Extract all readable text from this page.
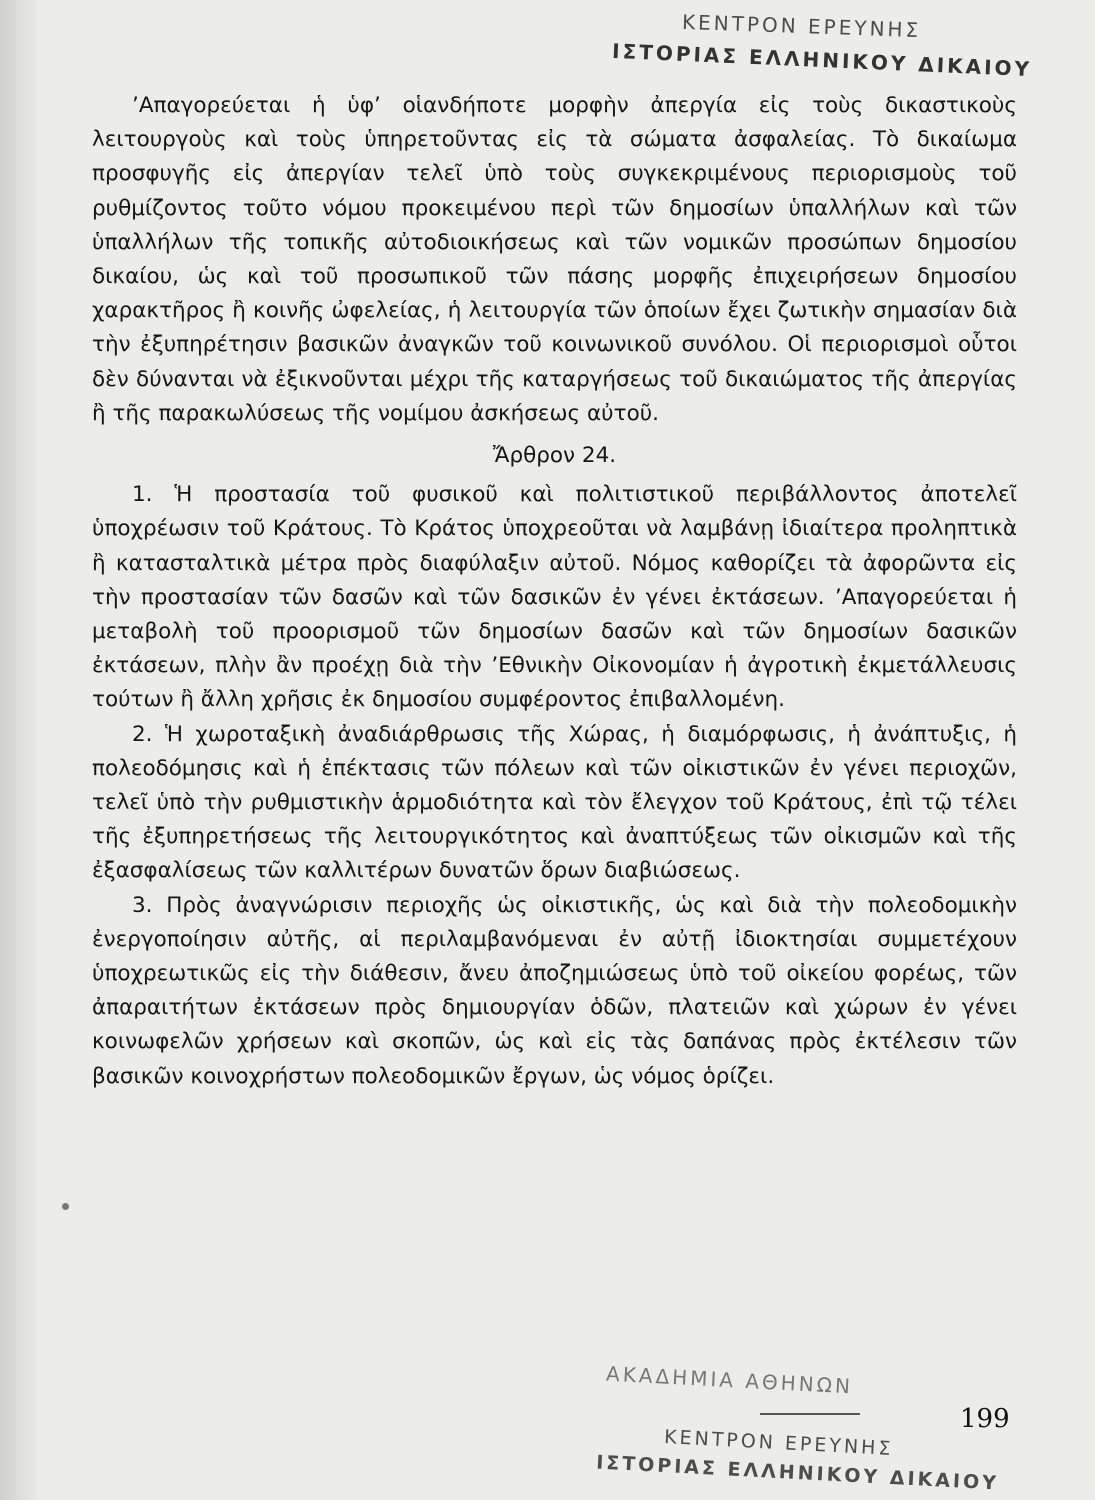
ΚΕΝΤΡΟΝ ΕΡΕΥΝΗΣ
ΙΣΤΟΡΙΑΣ ΕΛΛΗΝΙΚΟΥ ΔΙΚΑΙΟΥ

’Απαγορεύεται ἡ ὑφ’ οἱανδήποτε μορφὴν ἀπεργία εἰς τοὺς δικαστικοὺς λειτουργοὺς καὶ τοὺς ὑπηρετοῦντας εἰς τὰ σώματα ἀσφαλείας. Τὸ δικαίωμα προσφυγῆς εἰς ἀπεργίαν τελεῖ ὑπὸ τοὺς συγκεκριμένους περιορισμοὺς τοῦ ρυθμίζοντος τοῦτο νόμου προκειμένου περὶ τῶν δημοσίων ὑπαλλήλων καὶ τῶν ὑπαλλήλων τῆς τοπικῆς αὐτοδιοικήσεως καὶ τῶν νομικῶν προσώπων δημοσίου δικαίου, ὡς καὶ τοῦ προσωπικοῦ τῶν πάσης μορφῆς ἐπιχειρήσεων δημοσίου χαρακτῆρος ἢ κοινῆς ὠφελείας, ἡ λειτουργία τῶν ὁποίων ἔχει ζωτικὴν σημασίαν διὰ τὴν ἐξυπηρέτησιν βασικῶν ἀναγκῶν τοῦ κοινωνικοῦ συνόλου. Οἱ περιορισμοὶ οὗτοι δὲν δύνανται νὰ ἐξικνοῦνται μέχρι τῆς καταργήσεως τοῦ δικαιώματος τῆς ἀπεργίας ἢ τῆς παρακωλύσεως τῆς νομίμου ἀσκήσεως αὐτοῦ.

Ἄρθρον 24.

1. Ἡ προστασία τοῦ φυσικοῦ καὶ πολιτιστικοῦ περιβάλλοντος ἀποτελεῖ ὑποχρέωσιν τοῦ Κράτους. Τὸ Κράτος ὑποχρεοῦται νὰ λαμβάνῃ ἰδιαίτερα προληπτικὰ ἢ κατασταλτικὰ μέτρα πρὸς διαφύλαξιν αὐτοῦ. Νόμος καθορίζει τὰ ἀφορῶντα εἰς τὴν προστασίαν τῶν δασῶν καὶ τῶν δασικῶν ἐν γένει ἐκτάσεων. ’Απαγορεύεται ἡ μεταβολὴ τοῦ προορισμοῦ τῶν δημοσίων δασῶν καὶ τῶν δημοσίων δασικῶν ἐκτάσεων, πλὴν ἂν προέχῃ διὰ τὴν ’Εθνικὴν Οἰκονομίαν ἡ ἀγροτικὴ ἐκμετάλλευσις τούτων ἢ ἄλλη χρῆσις ἐκ δημοσίου συμφέροντος ἐπιβαλλομένη.

2. Ἡ χωροταξικὴ ἀναδιάρθρωσις τῆς Χώρας, ἡ διαμόρφωσις, ἡ ἀνάπτυξις, ἡ πολεοδόμησις καὶ ἡ ἐπέκτασις τῶν πόλεων καὶ τῶν οἰκιστικῶν ἐν γένει περιοχῶν, τελεῖ ὑπὸ τὴν ρυθμιστικὴν ἁρμοδιότητα καὶ τὸν ἔλεγχον τοῦ Κράτους, ἐπὶ τῷ τέλει τῆς ἐξυπηρετήσεως τῆς λειτουργικότητος καὶ ἀναπτύξεως τῶν οἰκισμῶν καὶ τῆς ἐξασφαλίσεως τῶν καλλιτέρων δυνατῶν ὅρων διαβιώσεως.

3. Πρὸς ἀναγνώρισιν περιοχῆς ὡς οἰκιστικῆς, ὡς καὶ διὰ τὴν πολεοδομικὴν ἐνεργοποίησιν αὐτῆς, αἱ περιλαμβανόμεναι ἐν αὐτῇ ἰδιοκτησίαι συμμετέχουν ὑποχρεωτικῶς εἰς τὴν διάθεσιν, ἄνευ ἀποζημιώσεως ὑπὸ τοῦ οἰκείου φορέως, τῶν ἀπαραιτήτων ἐκτάσεων πρὸς δημιουργίαν ὁδῶν, πλατειῶν καὶ χώρων ἐν γένει κοινωφελῶν χρήσεων καὶ σκοπῶν, ὡς καὶ εἰς τὰς δαπάνας πρὸς ἐκτέλεσιν τῶν βασικῶν κοινοχρήστων πολεοδομικῶν ἔργων, ὡς νόμος ὁρίζει.

ΑΚΑΔΗΜΙΑ ΑΘΗΝΩΝ
199
ΚΕΝΤΡΟΝ ΕΡΕΥΝΗΣ
ΙΣΤΟΡΙΑΣ ΕΛΛΗΝΙΚΟΥ ΔΙΚΑΙΟΥ
